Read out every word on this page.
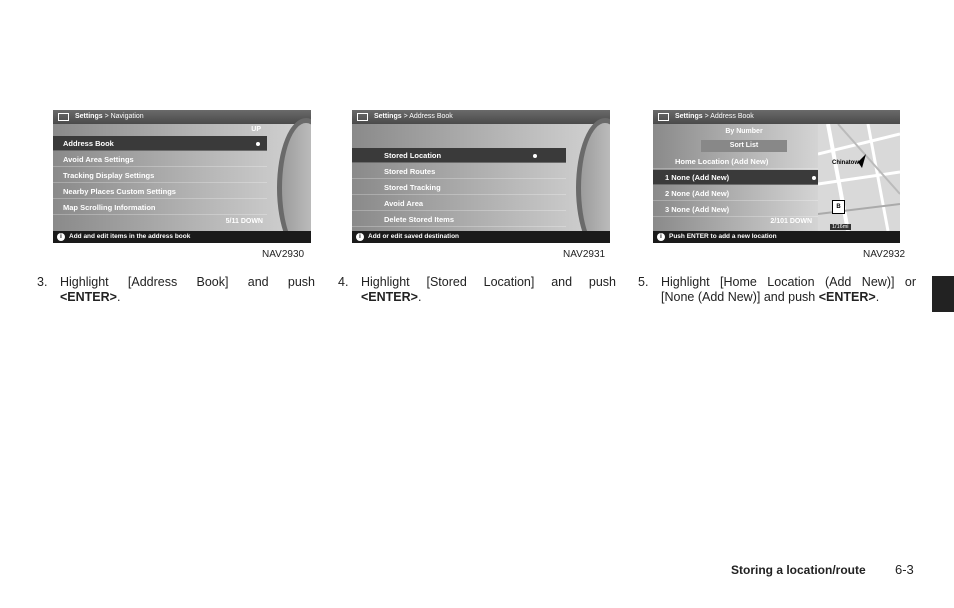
Settings > Navigation
UP
Address Book
Avoid Area Settings
Tracking Display Settings
Nearby Places Custom Settings
Map Scrolling Information
5/11 DOWN
i	Add and edit items in the address book
NAV2930
Settings > Address Book
Stored Location
Stored Routes
Stored Tracking
Avoid Area
Delete Stored Items
i	Add or edit saved destination
NAV2931
Settings > Address Book
By Number
Sort List
Home Location (Add New)
1 None (Add New)
2 None (Add New)
3 None (Add New)
2/101 DOWN
Chinatown
B
1/16mi
i	Push ENTER to add a new location
NAV2932
3. Highlight [Address Book] and push <ENTER>.
4. Highlight [Stored Location] and push <ENTER>.
5. Highlight [Home Location (Add New)] or [None (Add New)] and push <ENTER>.
Storing a location/route 6-3
